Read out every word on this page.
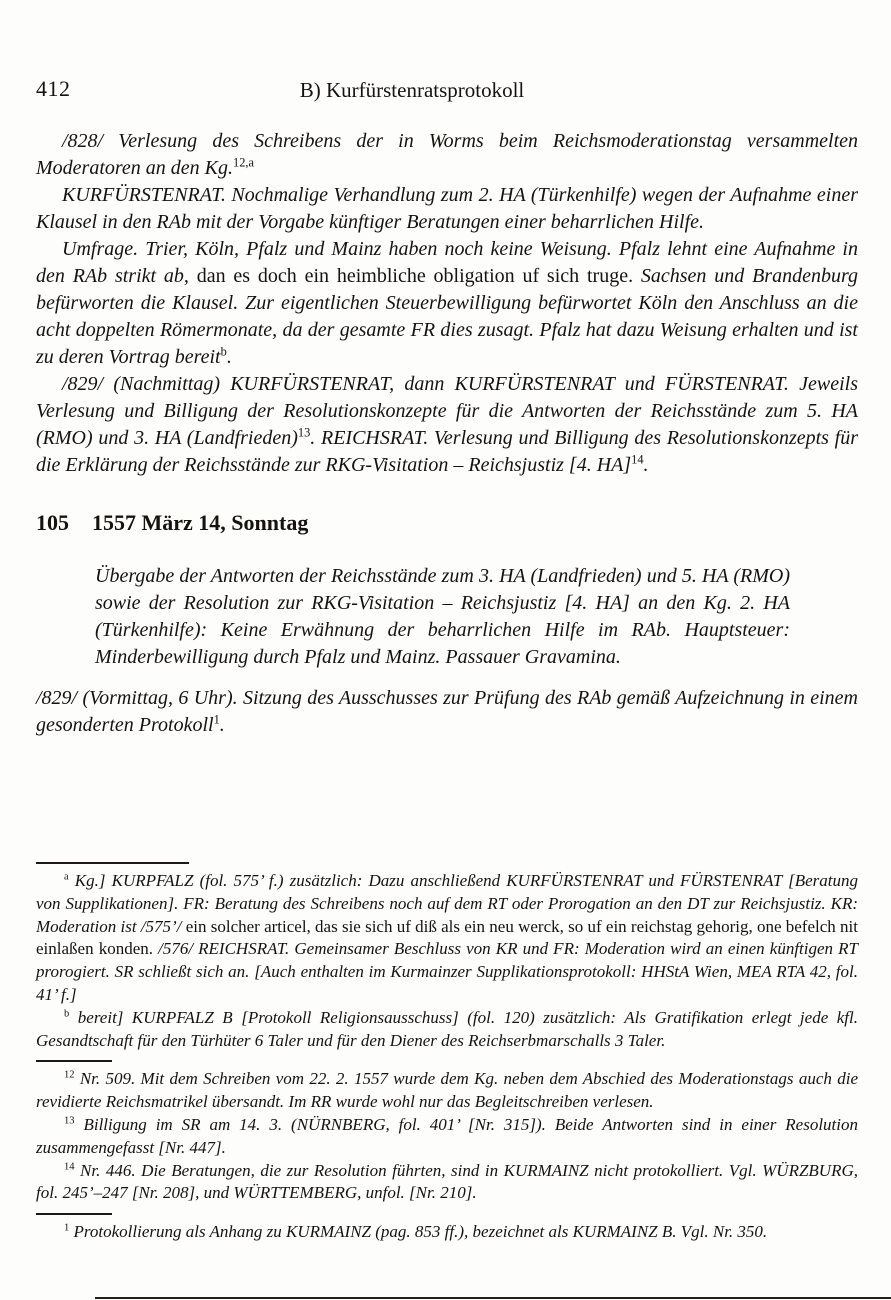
412	B) Kurfürstenratsprotokoll

/828/ Verlesung des Schreibens der in Worms beim Reichsmoderationstag versammelten Moderatoren an den Kg.$^{12,a}$

KURFÜRSTENRAT. Nochmalige Verhandlung zum 2. HA (Türkenhilfe) wegen der Aufnahme einer Klausel in den RAb mit der Vorgabe künftiger Beratungen einer beharrlichen Hilfe.

Umfrage. Trier, Köln, Pfalz und Mainz haben noch keine Weisung. Pfalz lehnt eine Aufnahme in den RAb strikt ab, dan es doch ein heimbliche obligation uf sich truge. Sachsen und Brandenburg befürworten die Klausel. Zur eigentlichen Steuerbewilligung befürwortet Köln den Anschluss an die acht doppelten Römermonate, da der gesamte FR dies zusagt. Pfalz hat dazu Weisung erhalten und ist zu deren Vortrag bereit$^b$.

/829/ (Nachmittag) KURFÜRSTENRAT, dann KURFÜRSTENRAT und FÜRSTENRAT. Jeweils Verlesung und Billigung der Resolutionskonzepte für die Antworten der Reichsstände zum 5. HA (RMO) und 3. HA (Landfrieden)$^{13}$. REICHSRAT. Verlesung und Billigung des Resolutionskonzepts für die Erklärung der Reichsstände zur RKG-Visitation – Reichsjustiz [4. HA]$^{14}$.

105 1557 März 14, Sonntag

Übergabe der Antworten der Reichsstände zum 3. HA (Landfrieden) und 5. HA (RMO) sowie der Resolution zur RKG-Visitation – Reichsjustiz [4. HA] an den Kg. 2. HA (Türkenhilfe): Keine Erwähnung der beharrlichen Hilfe im RAb. Hauptsteuer: Minderbewilligung durch Pfalz und Mainz. Passauer Gravamina.

/829/ (Vormittag, 6 Uhr). Sitzung des Ausschusses zur Prüfung des RAb gemäß Aufzeichnung in einem gesonderten Protokoll$^1$.

$^a$ Kg.] KURPFALZ (fol. 575’ f.) zusätzlich: Dazu anschließend KURFÜRSTENRAT und FÜRSTENRAT [Beratung von Supplikationen]. FR: Beratung des Schreibens noch auf dem RT oder Prorogation an den DT zur Reichsjustiz. KR: Moderation ist /575’/ ein solcher articel, das sie sich uf diß als ein neu werck, so uf ein reichstag gehorig, one befelch nit einlaßen konden. /576/ REICHSRAT. Gemeinsamer Beschluss von KR und FR: Moderation wird an einen künftigen RT prorogiert. SR schließt sich an. [Auch enthalten im Kurmainzer Supplikationsprotokoll: HHStA Wien, MEA RTA 42, fol. 41’ f.]

$^b$ bereit] KURPFALZ B [Protokoll Religionsausschuss] (fol. 120) zusätzlich: Als Gratifikation erlegt jede kfl. Gesandtschaft für den Türhüter 6 Taler und für den Diener des Reichserbmarschalls 3 Taler.

$^{12}$ Nr. 509. Mit dem Schreiben vom 22. 2. 1557 wurde dem Kg. neben dem Abschied des Moderationstags auch die revidierte Reichsmatrikel übersandt. Im RR wurde wohl nur das Begleitschreiben verlesen.

$^{13}$ Billigung im SR am 14. 3. (NÜRNBERG, fol. 401’ [Nr. 315]). Beide Antworten sind in einer Resolution zusammengefasst [Nr. 447].

$^{14}$ Nr. 446. Die Beratungen, die zur Resolution führten, sind in KURMAINZ nicht protokolliert. Vgl. WÜRZBURG, fol. 245’–247 [Nr. 208], und WÜRTTEMBERG, unfol. [Nr. 210].

$^1$ Protokollierung als Anhang zu KURMAINZ (pag. 853 ff.), bezeichnet als KURMAINZ B. Vgl. Nr. 350.
